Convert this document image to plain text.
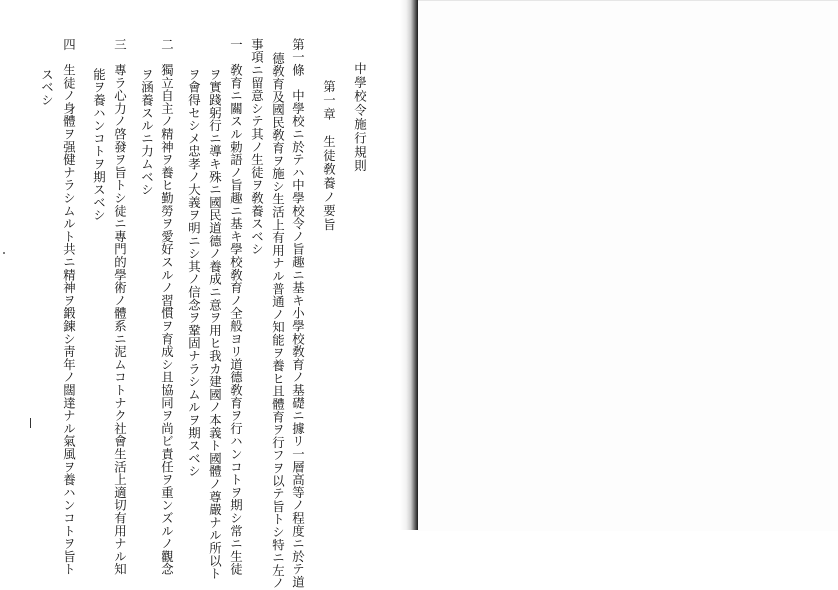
中學校令施行規則
第一章　生徒敎養ノ要旨
第一條　中學校ニ於テハ中學校令ノ旨趣ニ基キ小學校敎育ノ基礎ニ據リ一層高等ノ程度ニ於テ道
德敎育及國民敎育ヲ施シ生活上有用ナル普通ノ知能ヲ養ヒ且體育ヲ行フヲ以テ旨トシ特ニ左ノ
事項ニ留意シテ其ノ生徒ヲ敎養スベシ
一　敎育ニ關スル勅語ノ旨趣ニ基キ學校敎育ノ全般ヨリ道德敎育ヲ行ハンコトヲ期シ常ニ生徒
ヲ實踐躬行ニ導キ殊ニ國民道德ノ養成ニ意ヲ用ヒ我カ建國ノ本義ト國體ノ尊嚴ナル所以ト
ヲ會得セシメ忠孝ノ大義ヲ明ニシ其ノ信念ヲ鞏固ナラシムルヲ期スベシ
二　獨立自主ノ精神ヲ養ヒ勤勞ヲ愛好スルノ習慣ヲ育成シ且協同ヲ尚ビ責任ヲ重ンズルノ觀念
ヲ涵養スルニ力ムベシ
三　專ラ心力ノ啓發ヲ旨トシ徒ニ專門的學術ノ體系ニ泥ムコトナク社會生活上適切有用ナル知
能ヲ養ハンコトヲ期スベシ
四　生徒ノ身體ヲ强健ナラシムルト共ニ精神ヲ鍛錬シ靑年ノ闊達ナル氣風ヲ養ハンコトヲ旨ト
スベシ
